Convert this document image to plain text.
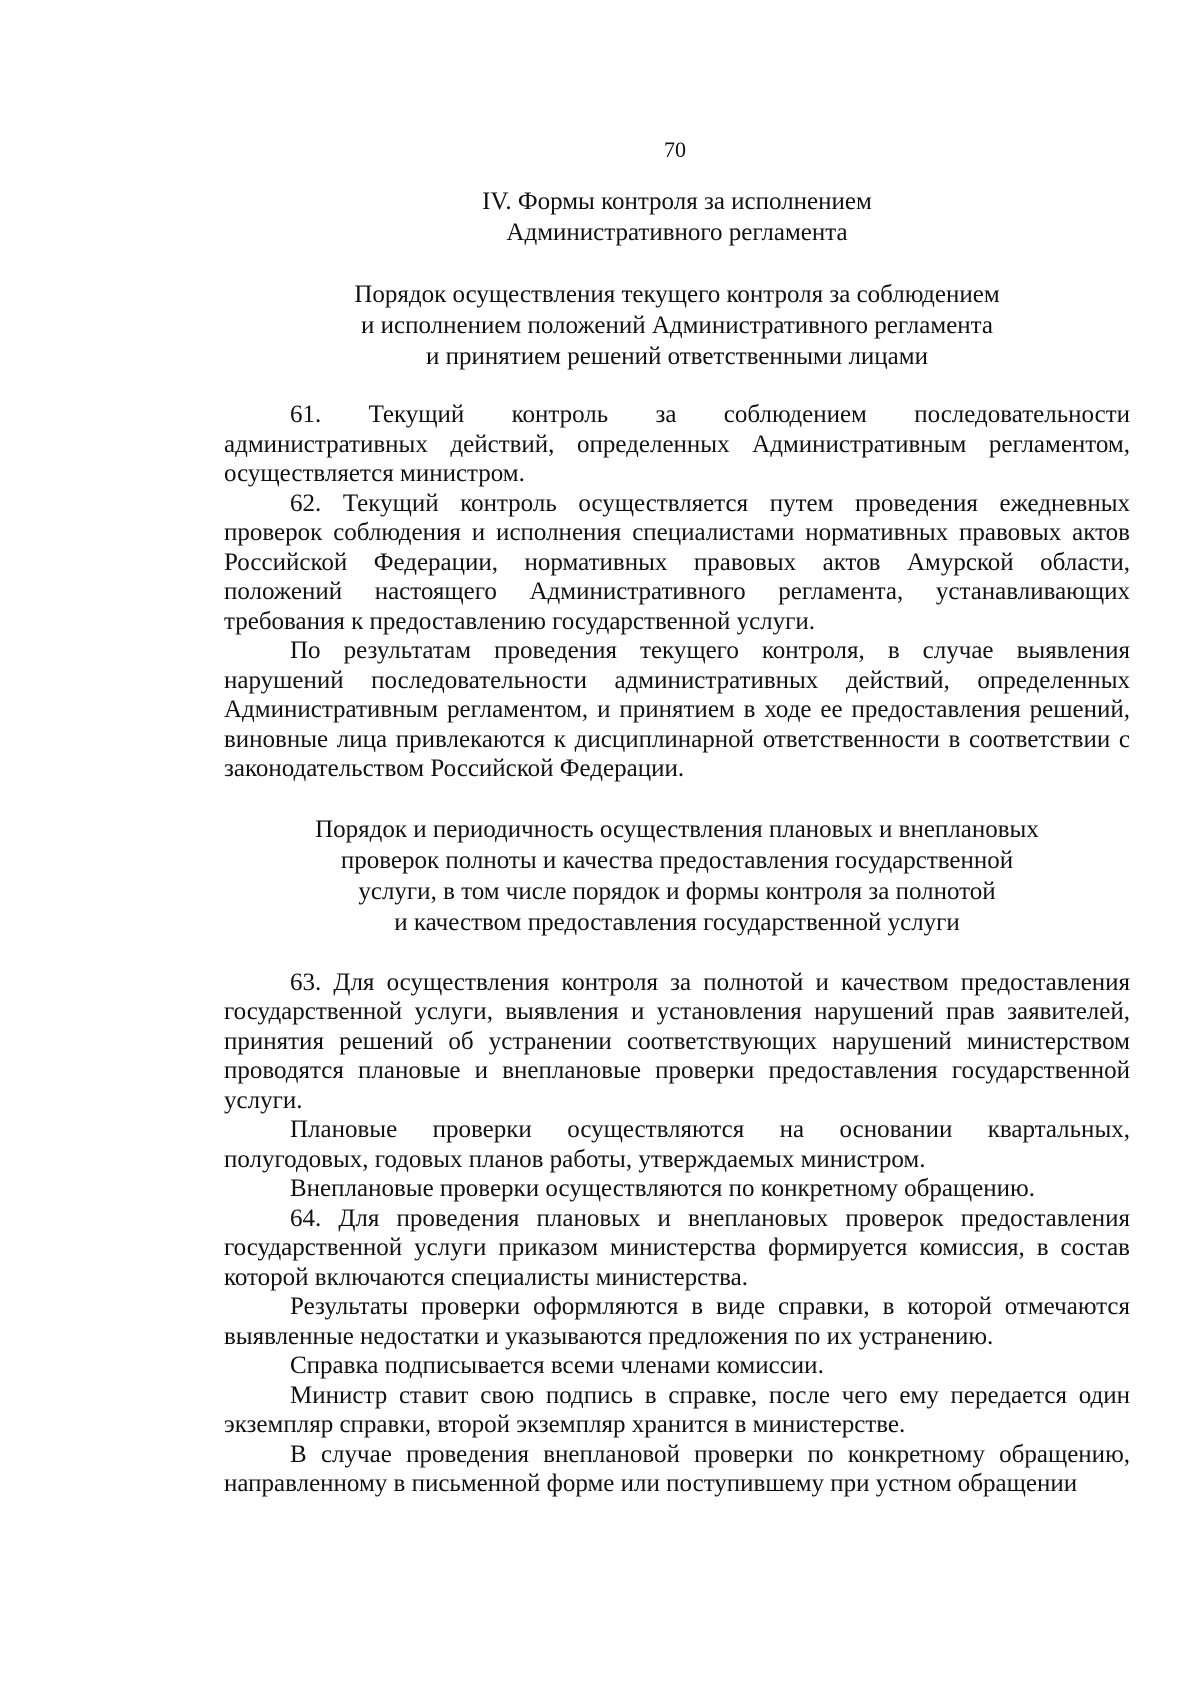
70
IV. Формы контроля за исполнением
Административного регламента
Порядок осуществления текущего контроля за соблюдением
и исполнением положений Административного регламента
и принятием решений ответственными лицами

61. Текущий контроль за соблюдением последовательности административных действий, определенных Административным регламентом, осуществляется министром.

62. Текущий контроль осуществляется путем проведения ежедневных проверок соблюдения и исполнения специалистами нормативных правовых актов Российской Федерации, нормативных правовых актов Амурской области, положений настоящего Административного регламента, устанавливающих требования к предоставлению государственной услуги.

По результатам проведения текущего контроля, в случае выявления нарушений последовательности административных действий, определенных Административным регламентом, и принятием в ходе ее предоставления решений, виновные лица привлекаются к дисциплинарной ответственности в соответствии с законодательством Российской Федерации.

Порядок и периодичность осуществления плановых и внеплановых
проверок полноты и качества предоставления государственной
услуги, в том числе порядок и формы контроля за полнотой
и качеством предоставления государственной услуги

63. Для осуществления контроля за полнотой и качеством предоставления государственной услуги, выявления и установления нарушений прав заявителей, принятия решений об устранении соответствующих нарушений министерством проводятся плановые и внеплановые проверки предоставления государственной услуги.

Плановые проверки осуществляются на основании квартальных, полугодовых, годовых планов работы, утверждаемых министром.

Внеплановые проверки осуществляются по конкретному обращению.

64. Для проведения плановых и внеплановых проверок предоставления государственной услуги приказом министерства формируется комиссия, в состав которой включаются специалисты министерства.

Результаты проверки оформляются в виде справки, в которой отмечаются выявленные недостатки и указываются предложения по их устранению.

Справка подписывается всеми членами комиссии.

Министр ставит свою подпись в справке, после чего ему передается один экземпляр справки, второй экземпляр хранится в министерстве.

В случае проведения внеплановой проверки по конкретному обращению, направленному в письменной форме или поступившему при устном обращении
